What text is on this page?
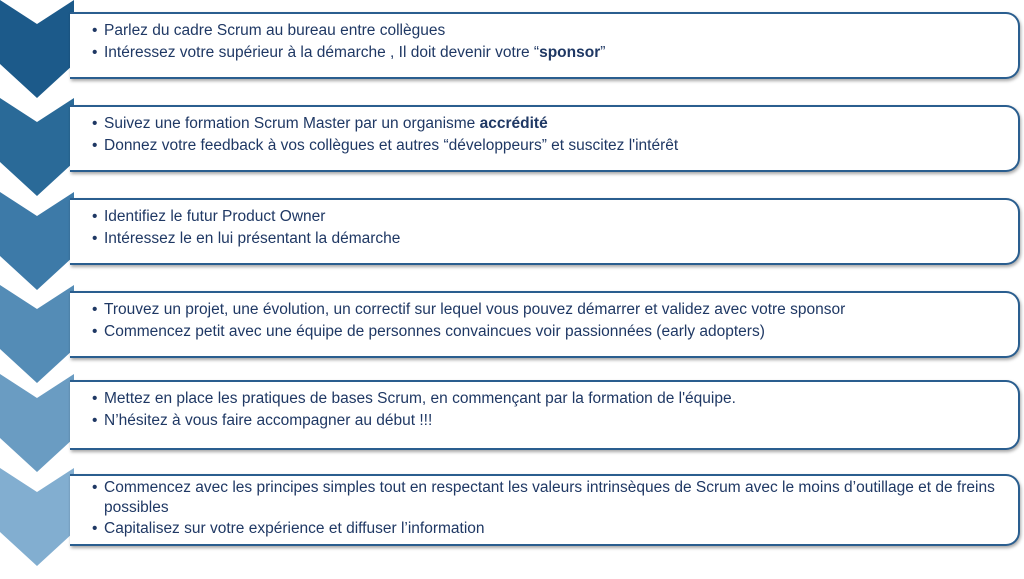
• Parlez du cadre Scrum au bureau entre collègues
• Intéressez votre supérieur à la démarche , Il doit devenir votre “sponsor”
• Suivez une formation Scrum Master par un organisme accrédité
• Donnez votre feedback à vos collègues et autres “développeurs” et suscitez l'intérêt
• Identifiez le futur Product Owner
• Intéressez le en lui présentant la démarche
• Trouvez un projet, une évolution, un correctif sur lequel vous pouvez démarrer et validez avec votre sponsor
• Commencez petit avec une équipe de personnes convaincues voir passionnées (early adopters)
• Mettez en place les pratiques de bases Scrum, en commençant par la formation de l'équipe.
• N’hésitez à vous faire accompagner au début !!!
• Commencez avec les principes simples tout en respectant les valeurs intrinsèques de Scrum avec le moins d’outillage et de freins possibles
• Capitalisez sur votre expérience et diffuser l’information
